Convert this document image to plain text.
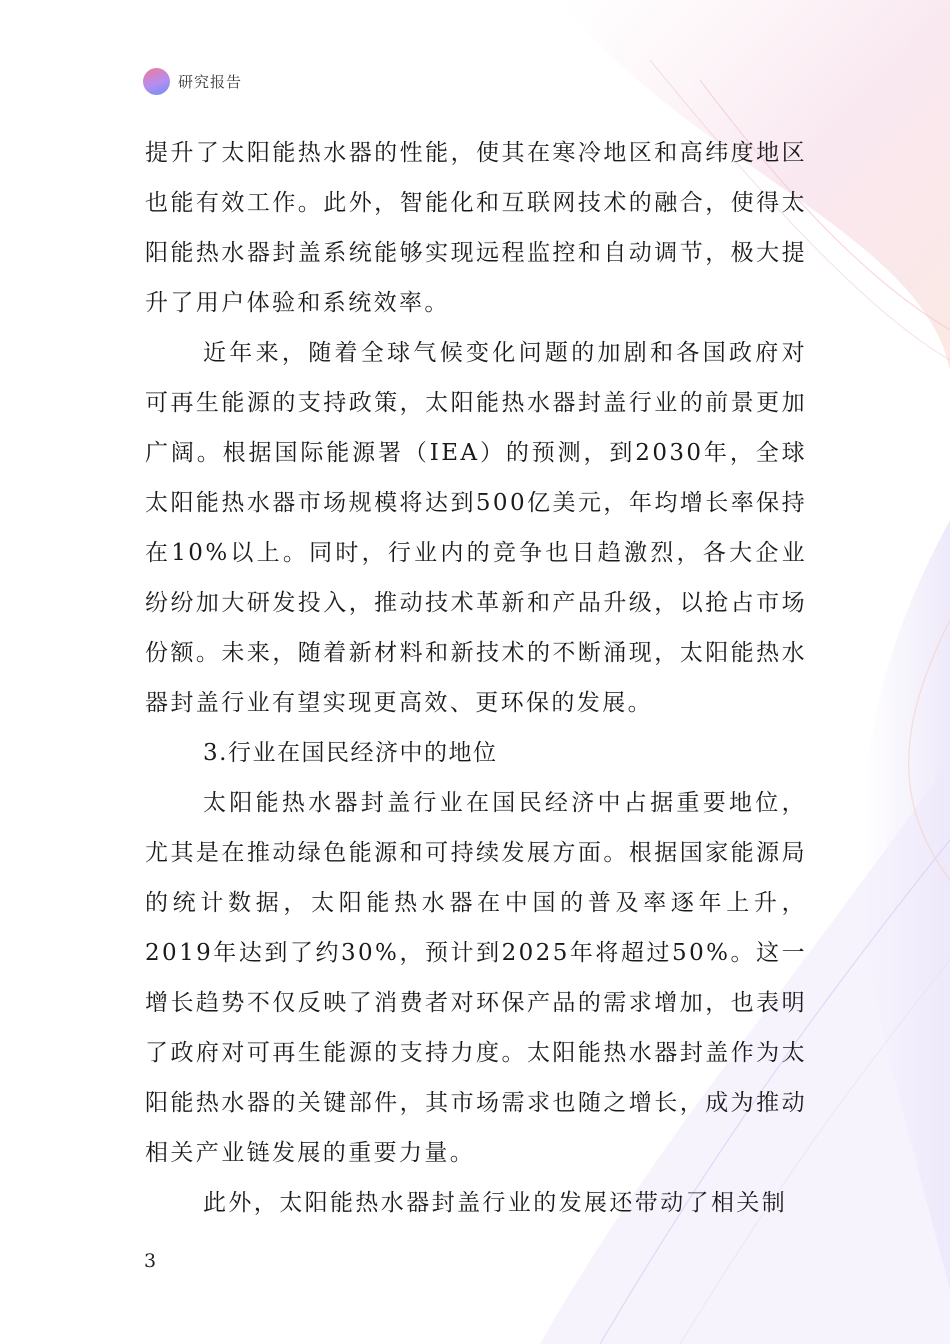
研究报告

提升了太阳能热水器的性能，使其在寒冷地区和高纬度地区也能有效工作。此外，智能化和互联网技术的融合，使得太阳能热水器封盖系统能够实现远程监控和自动调节，极大提升了用户体验和系统效率。

近年来，随着全球气候变化问题的加剧和各国政府对可再生能源的支持政策，太阳能热水器封盖行业的前景更加广阔。根据国际能源署（IEA）的预测，到2030年，全球太阳能热水器市场规模将达到500亿美元，年均增长率保持在10%以上。同时，行业内的竞争也日趋激烈，各大企业纷纷加大研发投入，推动技术革新和产品升级，以抢占市场份额。未来，随着新材料和新技术的不断涌现，太阳能热水器封盖行业有望实现更高效、更环保的发展。

3.行业在国民经济中的地位

太阳能热水器封盖行业在国民经济中占据重要地位，尤其是在推动绿色能源和可持续发展方面。根据国家能源局的统计数据，太阳能热水器在中国的普及率逐年上升，2019年达到了约30%，预计到2025年将超过50%。这一增长趋势不仅反映了消费者对环保产品的需求增加，也表明了政府对可再生能源的支持力度。太阳能热水器封盖作为太阳能热水器的关键部件，其市场需求也随之增长，成为推动相关产业链发展的重要力量。

此外，太阳能热水器封盖行业的发展还带动了相关制

3
